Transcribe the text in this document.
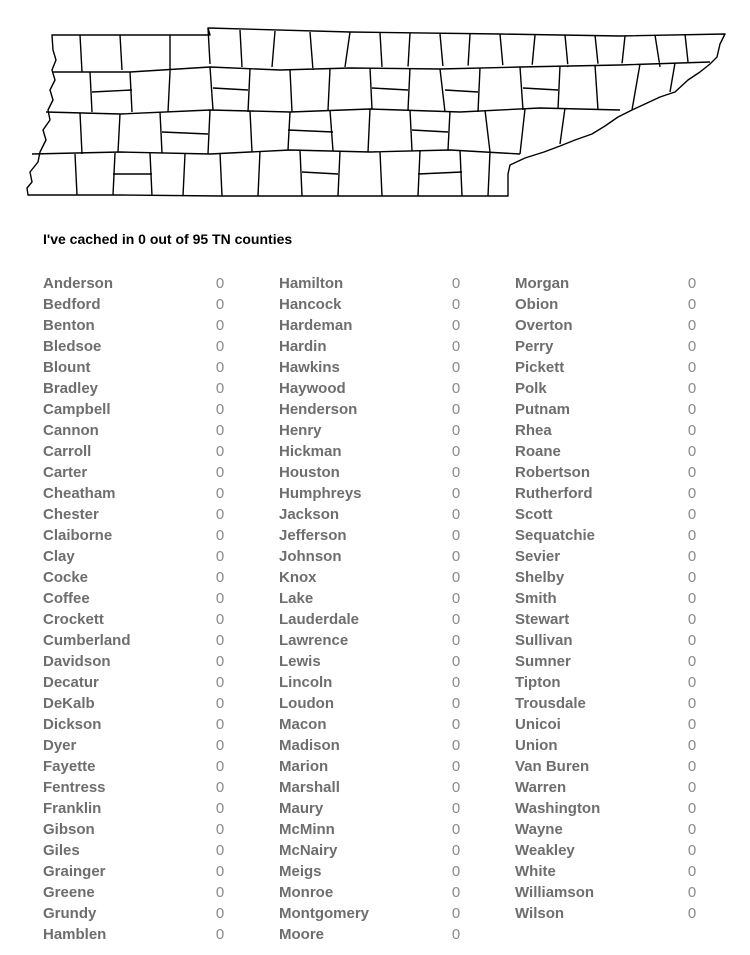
I've cached in 0 out of 95 TN counties

Anderson	0
Bedford	0
Benton	0
Bledsoe	0
Blount	0
Bradley	0
Campbell	0
Cannon	0
Carroll	0
Carter	0
Cheatham	0
Chester	0
Claiborne	0
Clay	0
Cocke	0
Coffee	0
Crockett	0
Cumberland	0
Davidson	0
Decatur	0
DeKalb	0
Dickson	0
Dyer	0
Fayette	0
Fentress	0
Franklin	0
Gibson	0
Giles	0
Grainger	0
Greene	0
Grundy	0
Hamblen	0
Hamilton	0
Hancock	0
Hardeman	0
Hardin	0
Hawkins	0
Haywood	0
Henderson	0
Henry	0
Hickman	0
Houston	0
Humphreys	0
Jackson	0
Jefferson	0
Johnson	0
Knox	0
Lake	0
Lauderdale	0
Lawrence	0
Lewis	0
Lincoln	0
Loudon	0
Macon	0
Madison	0
Marion	0
Marshall	0
Maury	0
McMinn	0
McNairy	0
Meigs	0
Monroe	0
Montgomery	0
Moore	0
Morgan	0
Obion	0
Overton	0
Perry	0
Pickett	0
Polk	0
Putnam	0
Rhea	0
Roane	0
Robertson	0
Rutherford	0
Scott	0
Sequatchie	0
Sevier	0
Shelby	0
Smith	0
Stewart	0
Sullivan	0
Sumner	0
Tipton	0
Trousdale	0
Unicoi	0
Union	0
Van Buren	0
Warren	0
Washington	0
Wayne	0
Weakley	0
White	0
Williamson	0
Wilson	0
